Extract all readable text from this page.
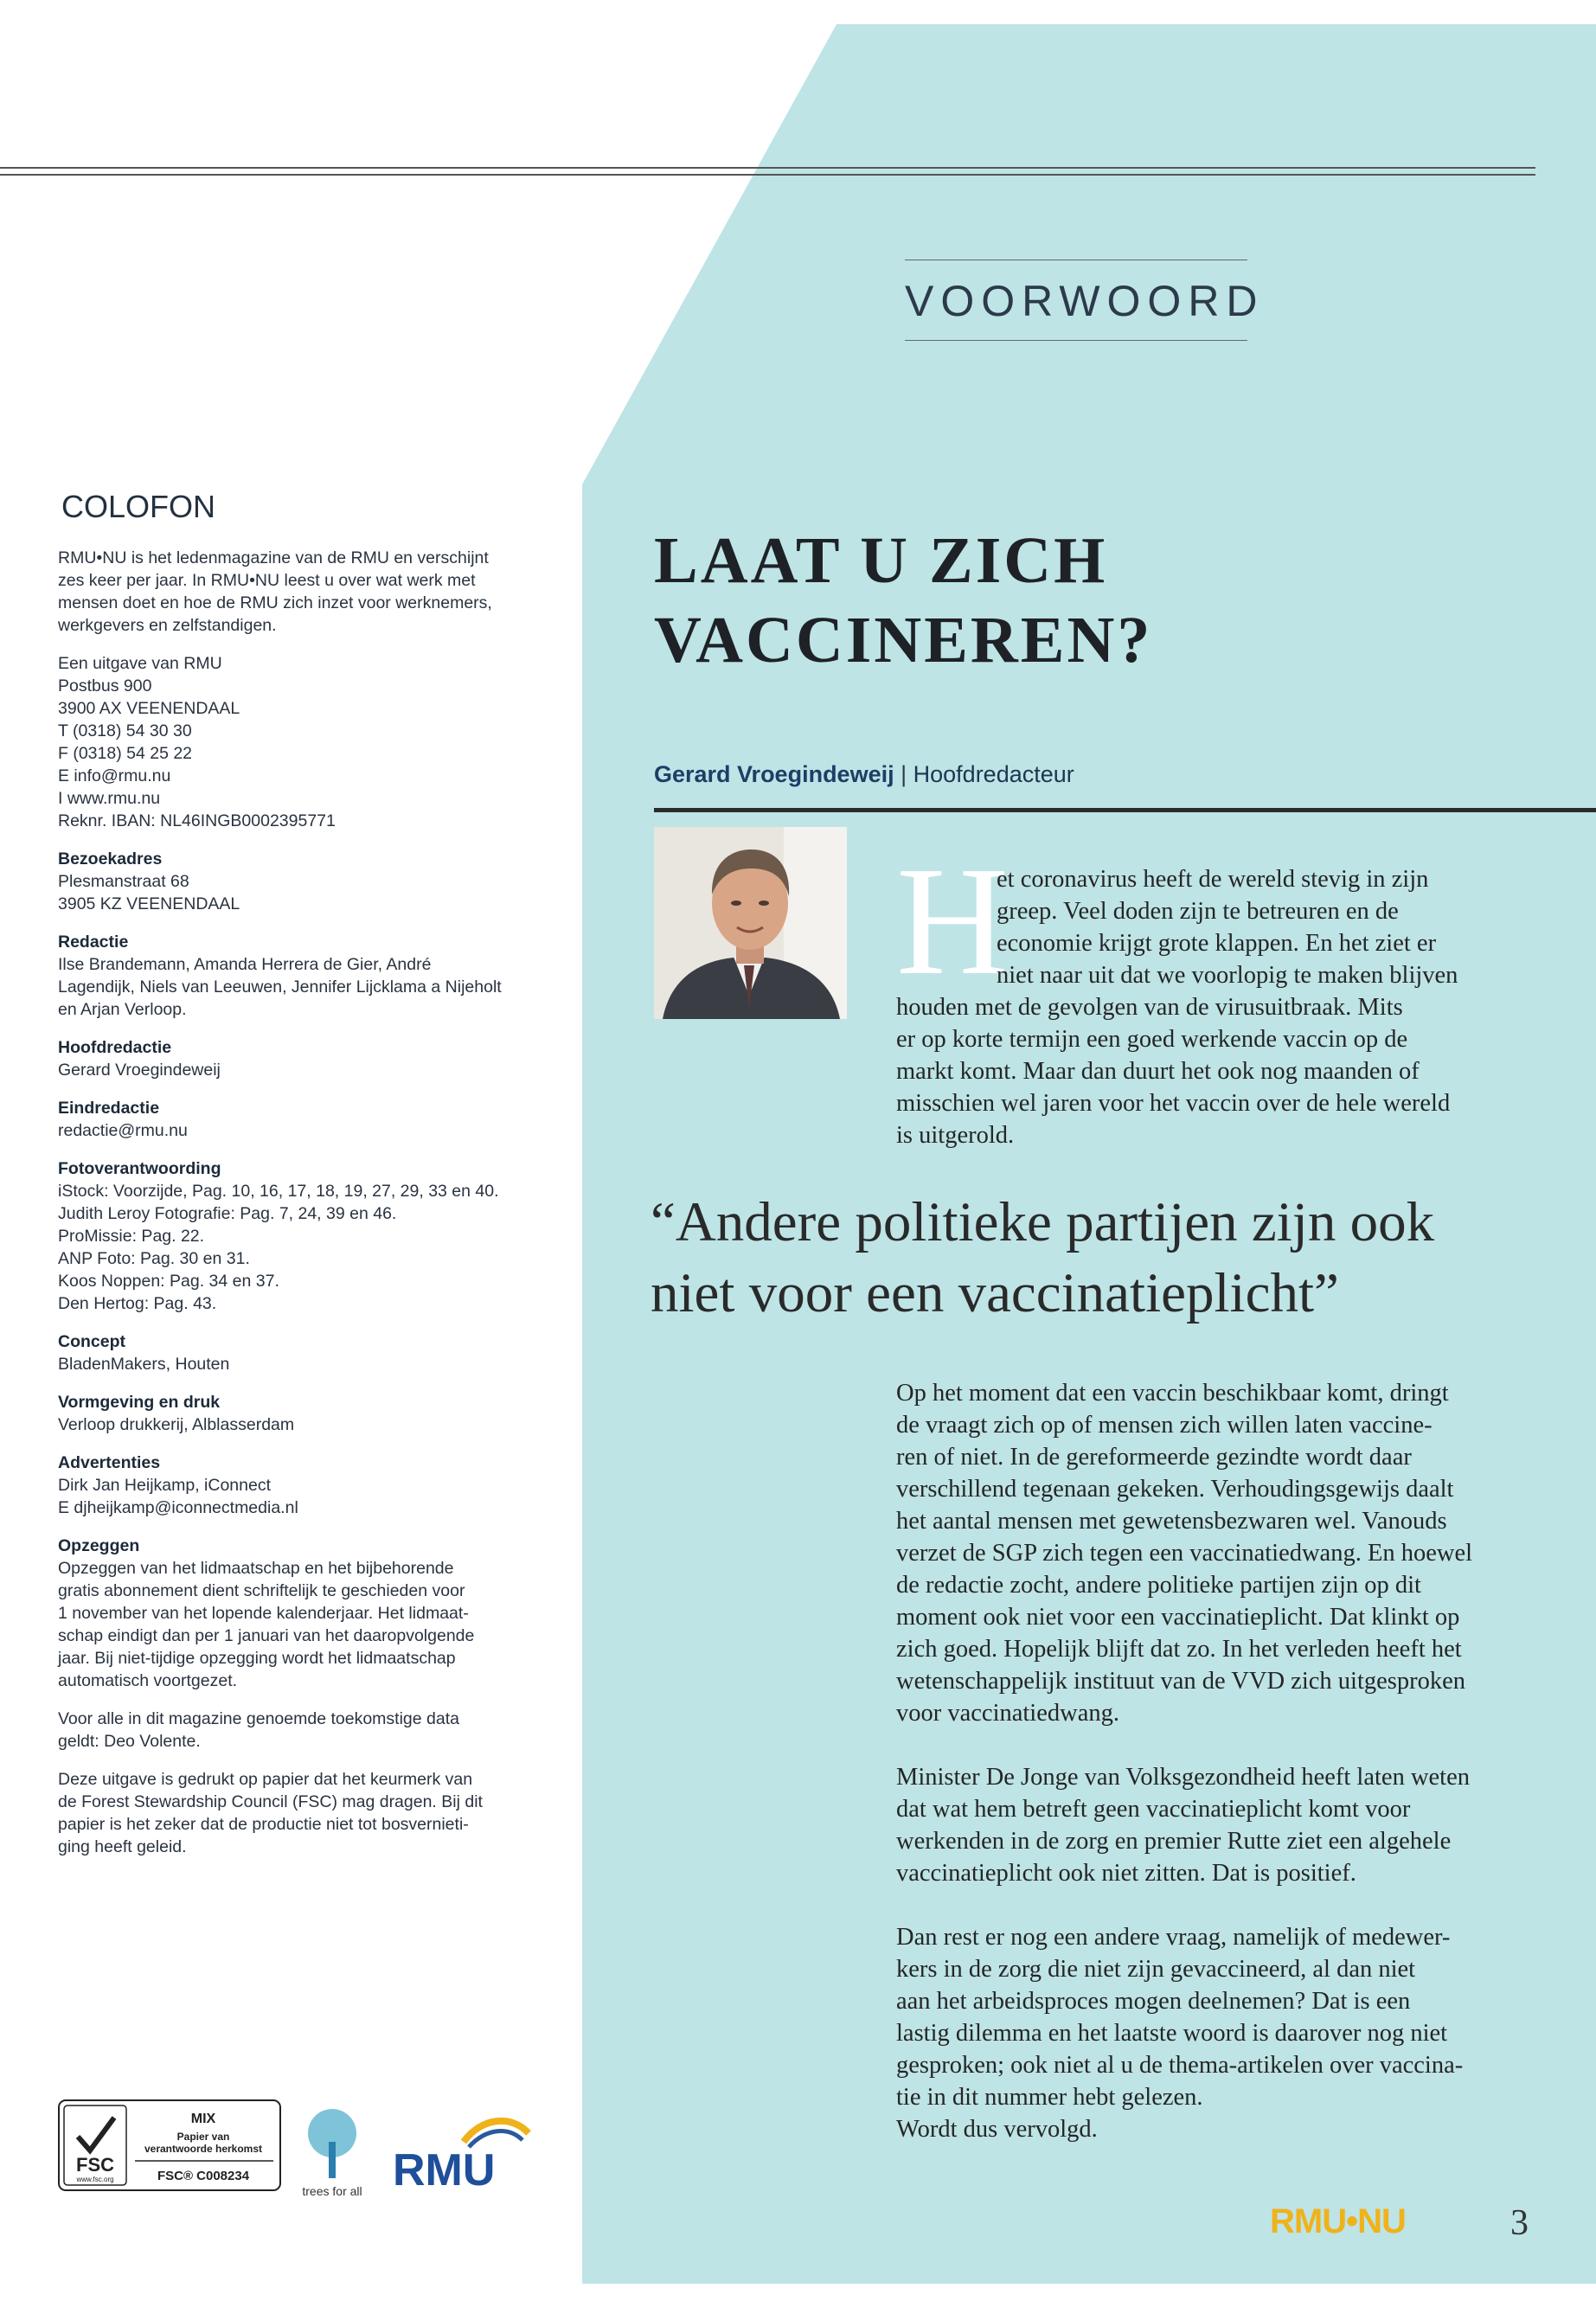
VOORWOORD
COLOFON
RMU•NU is het ledenmagazine van de RMU en verschijnt
zes keer per jaar. In RMU•NU leest u over wat werk met
mensen doet en hoe de RMU zich inzet voor werknemers,
werkgevers en zelfstandigen.
Een uitgave van RMU
Postbus 900
3900 AX VEENENDAAL
T (0318) 54 30 30
F (0318) 54 25 22
E info@rmu.nu
I www.rmu.nu
Reknr. IBAN: NL46INGB0002395771
Bezoekadres
Plesmanstraat 68
3905 KZ VEENENDAAL
Redactie
Ilse Brandemann, Amanda Herrera de Gier, André
Lagendijk, Niels van Leeuwen, Jennifer Lijcklama a Nijeholt
en Arjan Verloop.
Hoofdredactie
Gerard Vroegindeweij
Eindredactie
redactie@rmu.nu
Fotoverantwoording
iStock: Voorzijde, Pag. 10, 16, 17, 18, 19, 27, 29, 33 en 40.
Judith Leroy Fotografie: Pag. 7, 24, 39 en 46.
ProMissie: Pag. 22.
ANP Foto: Pag. 30 en 31.
Koos Noppen: Pag. 34 en 37.
Den Hertog: Pag. 43.
Concept
BladenMakers, Houten
Vormgeving en druk
Verloop drukkerij, Alblasserdam
Advertenties
Dirk Jan Heijkamp, iConnect
E djheijkamp@iconnectmedia.nl
Opzeggen
Opzeggen van het lidmaatschap en het bijbehorende
gratis abonnement dient schriftelijk te geschieden voor
1 november van het lopende kalenderjaar. Het lidmaat-
schap eindigt dan per 1 januari van het daaropvolgende
jaar. Bij niet-tijdige opzegging wordt het lidmaatschap
automatisch voortgezet.
Voor alle in dit magazine genoemde toekomstige data
geldt: Deo Volente.
Deze uitgave is gedrukt op papier dat het keurmerk van
de Forest Stewardship Council (FSC) mag dragen. Bij dit
papier is het zeker dat de productie niet tot bosvernieti-
ging heeft geleid.
LAAT U ZICH
VACCINEREN?
Gerard Vroegindeweij | Hoofdredacteur
H
et coronavirus heeft de wereld stevig in zijn
greep. Veel doden zijn te betreuren en de
economie krijgt grote klappen. En het ziet er
niet naar uit dat we voorlopig te maken blijven
houden met de gevolgen van de virusuitbraak. Mits
er op korte termijn een goed werkende vaccin op de
markt komt. Maar dan duurt het ook nog maanden of
misschien wel jaren voor het vaccin over de hele wereld
is uitgerold.
“Andere politieke partijen zijn ook
niet voor een vaccinatieplicht”
Op het moment dat een vaccin beschikbaar komt, dringt
de vraagt zich op of mensen zich willen laten vaccine-
ren of niet. In de gereformeerde gezindte wordt daar
verschillend tegenaan gekeken. Verhoudingsgewijs daalt
het aantal mensen met gewetensbezwaren wel. Vanouds
verzet de SGP zich tegen een vaccinatiedwang. En hoewel
de redactie zocht, andere politieke partijen zijn op dit
moment ook niet voor een vaccinatieplicht. Dat klinkt op
zich goed. Hopelijk blijft dat zo. In het verleden heeft het
wetenschappelijk instituut van de VVD zich uitgesproken
voor vaccinatiedwang.
Minister De Jonge van Volksgezondheid heeft laten weten
dat wat hem betreft geen vaccinatieplicht komt voor
werkenden in de zorg en premier Rutte ziet een algehele
vaccinatieplicht ook niet zitten. Dat is positief.
Dan rest er nog een andere vraag, namelijk of medewer-
kers in de zorg die niet zijn gevaccineerd, al dan niet
aan het arbeidsproces mogen deelnemen? Dat is een
lastig dilemma en het laatste woord is daarover nog niet
gesproken; ook niet al u de thema-artikelen over vaccina-
tie in dit nummer hebt gelezen.
Wordt dus vervolgd.
FSC
www.fsc.org
MIX
Papier van
verantwoorde herkomst
FSC® C008234
trees for all RMU
RMU•NU	3
